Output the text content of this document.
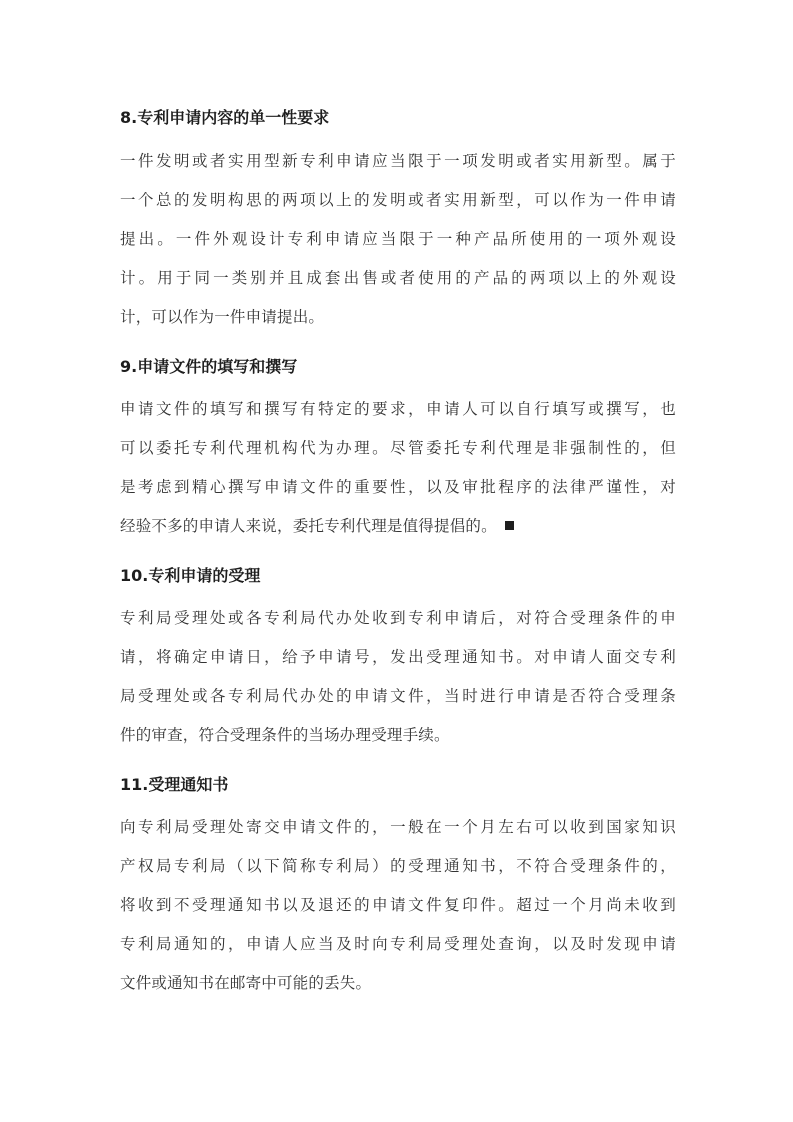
8.专利申请内容的单一性要求
一件发明或者实用型新专利申请应当限于一项发明或者实用新型。属于
一个总的发明构思的两项以上的发明或者实用新型，可以作为一件申请
提出。一件外观设计专利申请应当限于一种产品所使用的一项外观设
计。用于同一类别并且成套出售或者使用的产品的两项以上的外观设
计，可以作为一件申请提出。
9.申请文件的填写和撰写
申请文件的填写和撰写有特定的要求，申请人可以自行填写或撰写，也
可以委托专利代理机构代为办理。尽管委托专利代理是非强制性的，但
是考虑到精心撰写申请文件的重要性，以及审批程序的法律严谨性，对
经验不多的申请人来说，委托专利代理是值得提倡的。
10.专利申请的受理
专利局受理处或各专利局代办处收到专利申请后，对符合受理条件的申
请，将确定申请日，给予申请号，发出受理通知书。对申请人面交专利
局受理处或各专利局代办处的申请文件，当时进行申请是否符合受理条
件的审查，符合受理条件的当场办理受理手续。
11.受理通知书
向专利局受理处寄交申请文件的，一般在一个月左右可以收到国家知识
产权局专利局（以下简称专利局）的受理通知书，不符合受理条件的，
将收到不受理通知书以及退还的申请文件复印件。超过一个月尚未收到
专利局通知的，申请人应当及时向专利局受理处查询，以及时发现申请
文件或通知书在邮寄中可能的丢失。
